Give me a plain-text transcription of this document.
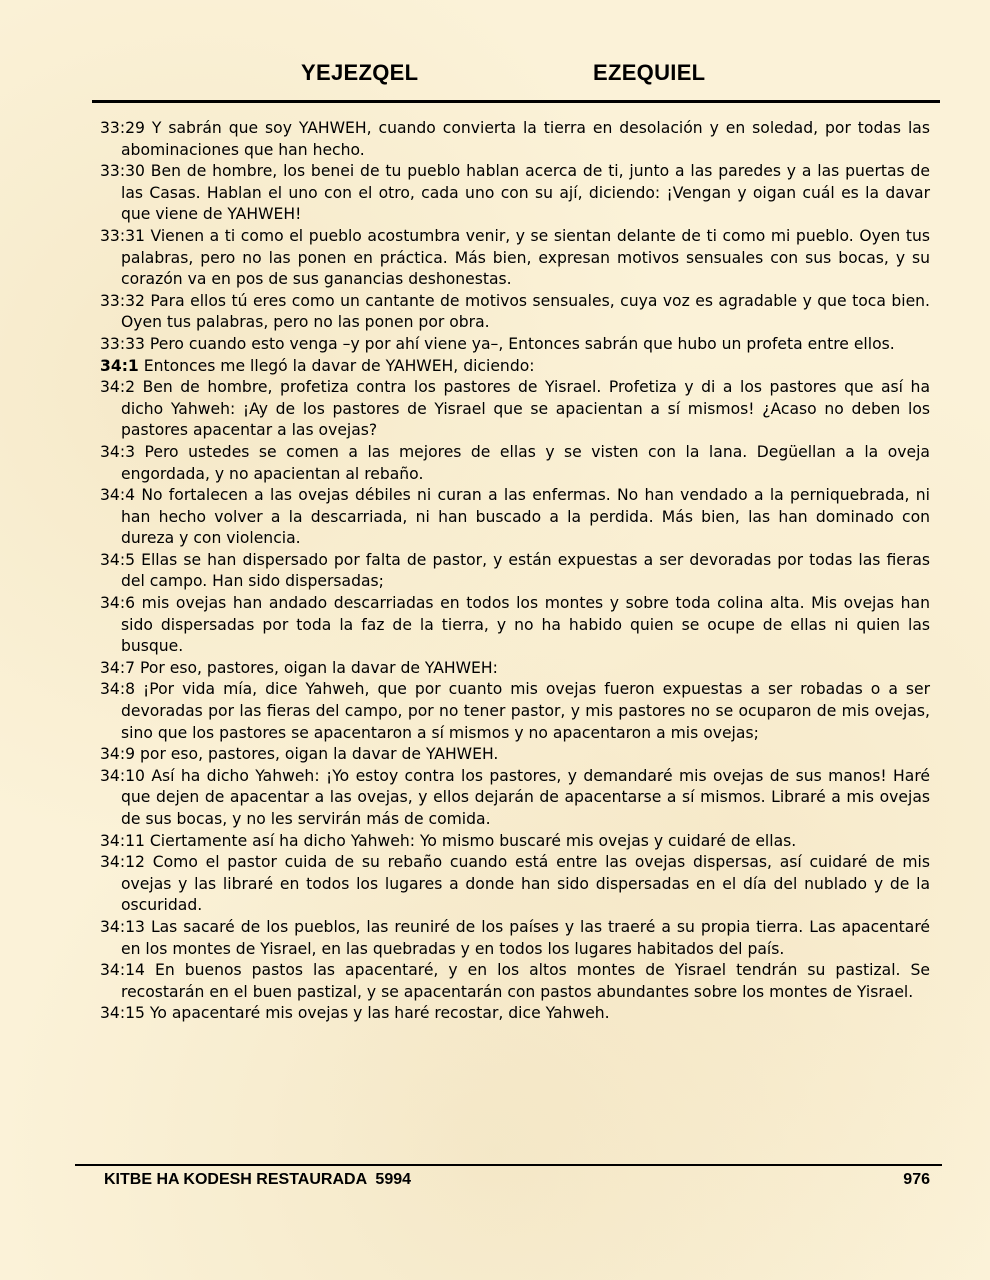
YEJEZQEL	EZEQUIEL
33:29 Y sabrán que soy YAHWEH, cuando convierta la tierra en desolación y en soledad, por todas las abominaciones que han hecho.
33:30 Ben de hombre, los benei de tu pueblo hablan acerca de ti, junto a las paredes y a las puertas de las Casas. Hablan el uno con el otro, cada uno con su ají, diciendo: ¡Vengan y oigan cuál es la davar que viene de YAHWEH!
33:31 Vienen a ti como el pueblo acostumbra venir, y se sientan delante de ti como mi pueblo. Oyen tus palabras, pero no las ponen en práctica. Más bien, expresan motivos sensuales con sus bocas, y su corazón va en pos de sus ganancias deshonestas.
33:32 Para ellos tú eres como un cantante de motivos sensuales, cuya voz es agradable y que toca bien. Oyen tus palabras, pero no las ponen por obra.
33:33 Pero cuando esto venga –y por ahí viene ya–, Entonces sabrán que hubo un profeta entre ellos.
34:1 Entonces me llegó la davar de YAHWEH, diciendo:
34:2 Ben de hombre, profetiza contra los pastores de Yisrael. Profetiza y di a los pastores que así ha dicho Yahweh: ¡Ay de los pastores de Yisrael que se apacientan a sí mismos! ¿Acaso no deben los pastores apacentar a las ovejas?
34:3 Pero ustedes se comen a las mejores de ellas y se visten con la lana. Degüellan a la oveja engordada, y no apacientan al rebaño.
34:4 No fortalecen a las ovejas débiles ni curan a las enfermas. No han vendado a la perniquebrada, ni han hecho volver a la descarriada, ni han buscado a la perdida. Más bien, las han dominado con dureza y con violencia.
34:5 Ellas se han dispersado por falta de pastor, y están expuestas a ser devoradas por todas las fieras del campo. Han sido dispersadas;
34:6 mis ovejas han andado descarriadas en todos los montes y sobre toda colina alta. Mis ovejas han sido dispersadas por toda la faz de la tierra, y no ha habido quien se ocupe de ellas ni quien las busque.
34:7 Por eso, pastores, oigan la davar de YAHWEH:
34:8 ¡Por vida mía, dice Yahweh, que por cuanto mis ovejas fueron expuestas a ser robadas o a ser devoradas por las fieras del campo, por no tener pastor, y mis pastores no se ocuparon de mis ovejas, sino que los pastores se apacentaron a sí mismos y no apacentaron a mis ovejas;
34:9 por eso, pastores, oigan la davar de YAHWEH.
34:10 Así ha dicho Yahweh: ¡Yo estoy contra los pastores, y demandaré mis ovejas de sus manos! Haré que dejen de apacentar a las ovejas, y ellos dejarán de apacentarse a sí mismos. Libraré a mis ovejas de sus bocas, y no les servirán más de comida.
34:11 Ciertamente así ha dicho Yahweh: Yo mismo buscaré mis ovejas y cuidaré de ellas.
34:12 Como el pastor cuida de su rebaño cuando está entre las ovejas dispersas, así cuidaré de mis ovejas y las libraré en todos los lugares a donde han sido dispersadas en el día del nublado y de la oscuridad.
34:13 Las sacaré de los pueblos, las reuniré de los países y las traeré a su propia tierra. Las apacentaré en los montes de Yisrael, en las quebradas y en todos los lugares habitados del país.
34:14 En buenos pastos las apacentaré, y en los altos montes de Yisrael tendrán su pastizal. Se recostarán en el buen pastizal, y se apacentarán con pastos abundantes sobre los montes de Yisrael.
34:15 Yo apacentaré mis ovejas y las haré recostar, dice Yahweh.
KITBE HA KODESH RESTAURADA  5994	976
